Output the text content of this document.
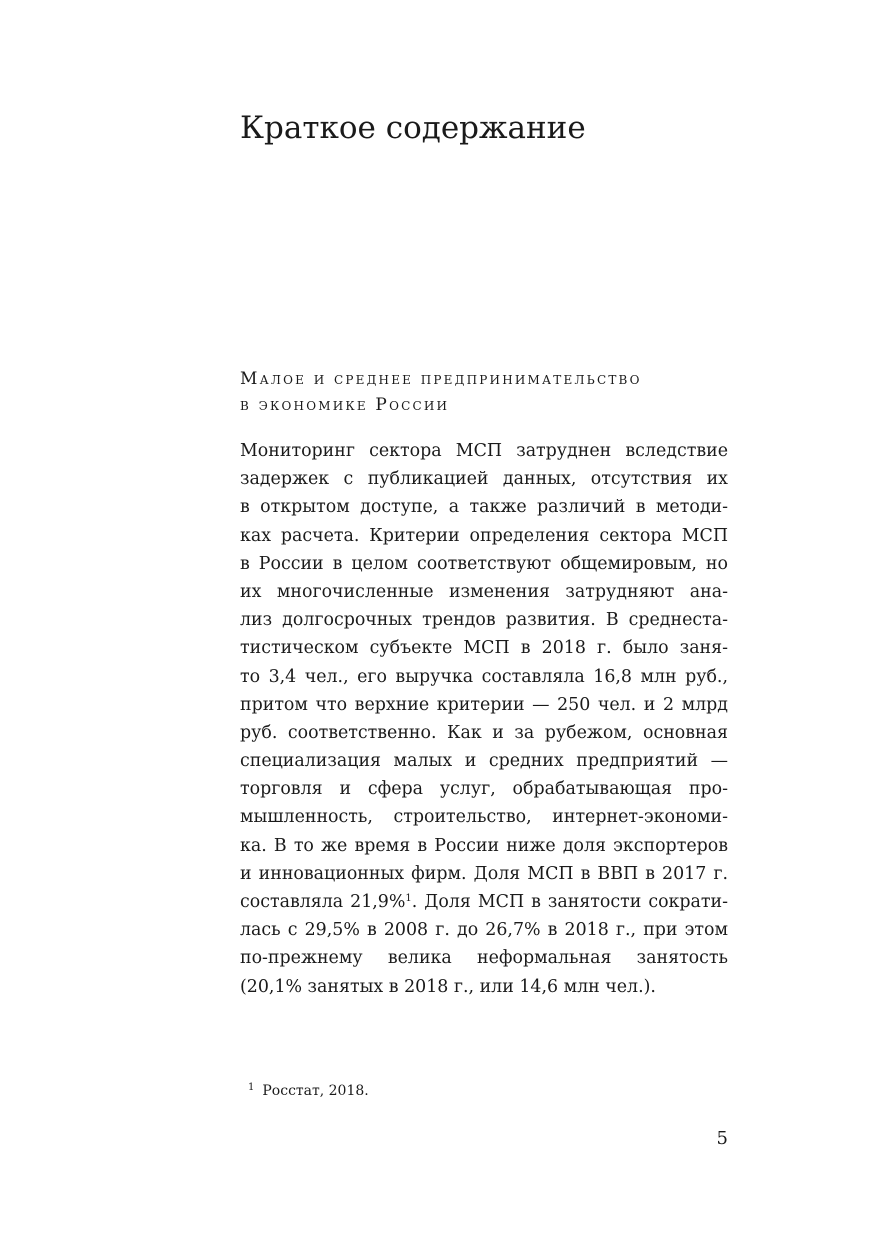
Краткое содержание
Малое и среднее предпринимательство
в экономике России
Мониторинг сектора МСП затруднен вследствие
задержек с публикацией данных, отсутствия их
в открытом доступе, а также различий в методи-
ках расчета. Критерии определения сектора МСП
в России в целом соответствуют общемировым, но
их многочисленные изменения затрудняют ана-
лиз долгосрочных трендов развития. В среднеста-
тистическом субъекте МСП в 2018 г. было заня-
то 3,4 чел., его выручка составляла 16,8 млн руб.,
притом что верхние критерии — 250 чел. и 2 млрд
руб. соответственно. Как и за рубежом, основная
специализация малых и средних предприятий —
торговля и сфера услуг, обрабатывающая про-
мышленность, строительство, интернет-экономи-
ка. В то же время в России ниже доля экспортеров
и инновационных фирм. Доля МСП в ВВП в 2017 г.
составляла 21,9%$^1$. Доля МСП в занятости сократи-
лась с 29,5% в 2008 г. до 26,7% в 2018 г., при этом
по-прежнему велика неформальная занятость
(20,1% занятых в 2018 г., или 14,6 млн чел.).
$^1$ Росстат, 2018.
5
